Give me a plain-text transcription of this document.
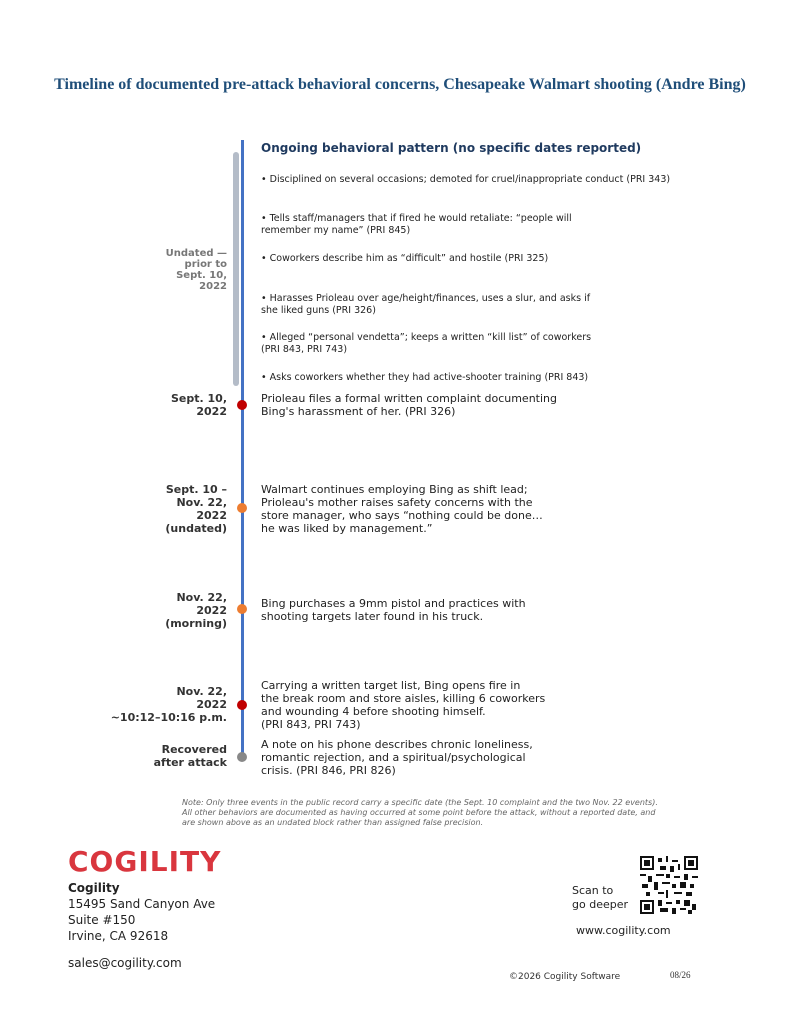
Timeline of documented pre-attack behavioral concerns, Chesapeake Walmart shooting (Andre Bing)
Ongoing behavioral pattern (no specific dates reported)
Undated —
prior to
Sept. 10,
2022
• Disciplined on several occasions; demoted for cruel/inappropriate conduct (PRI 343)
• Tells staff/managers that if fired he would retaliate: “people will
remember my name” (PRI 845)
• Coworkers describe him as “difficult” and hostile (PRI 325)
• Harasses Prioleau over age/height/finances, uses a slur, and asks if
she liked guns (PRI 326)
• Alleged “personal vendetta”; keeps a written “kill list” of coworkers
(PRI 843, PRI 743)
• Asks coworkers whether they had active-shooter training (PRI 843)
Sept. 10,
2022
Prioleau files a formal written complaint documenting
Bing's harassment of her. (PRI 326)
Sept. 10 –
Nov. 22,
2022
(undated)
Walmart continues employing Bing as shift lead;
Prioleau's mother raises safety concerns with the
store manager, who says “nothing could be done…
he was liked by management.”
Nov. 22,
2022
(morning)
Bing purchases a 9mm pistol and practices with
shooting targets later found in his truck.
Nov. 22,
2022
~10:12–10:16 p.m.
Carrying a written target list, Bing opens fire in
the break room and store aisles, killing 6 coworkers
and wounding 4 before shooting himself.
(PRI 843, PRI 743)
Recovered
after attack
A note on his phone describes chronic loneliness,
romantic rejection, and a spiritual/psychological
crisis. (PRI 846, PRI 826)
Note: Only three events in the public record carry a specific date (the Sept. 10 complaint and the two Nov. 22 events). All other behaviors are documented as having occurred at some point before the attack, without a reported date, and are shown above as an undated block rather than assigned false precision.
COGILITY
Cogility
15495 Sand Canyon Ave
Suite #150
Irvine, CA 92618
sales@cogility.com
Scan to
go deeper
www.cogility.com
©2026 Cogility Software	08/26
